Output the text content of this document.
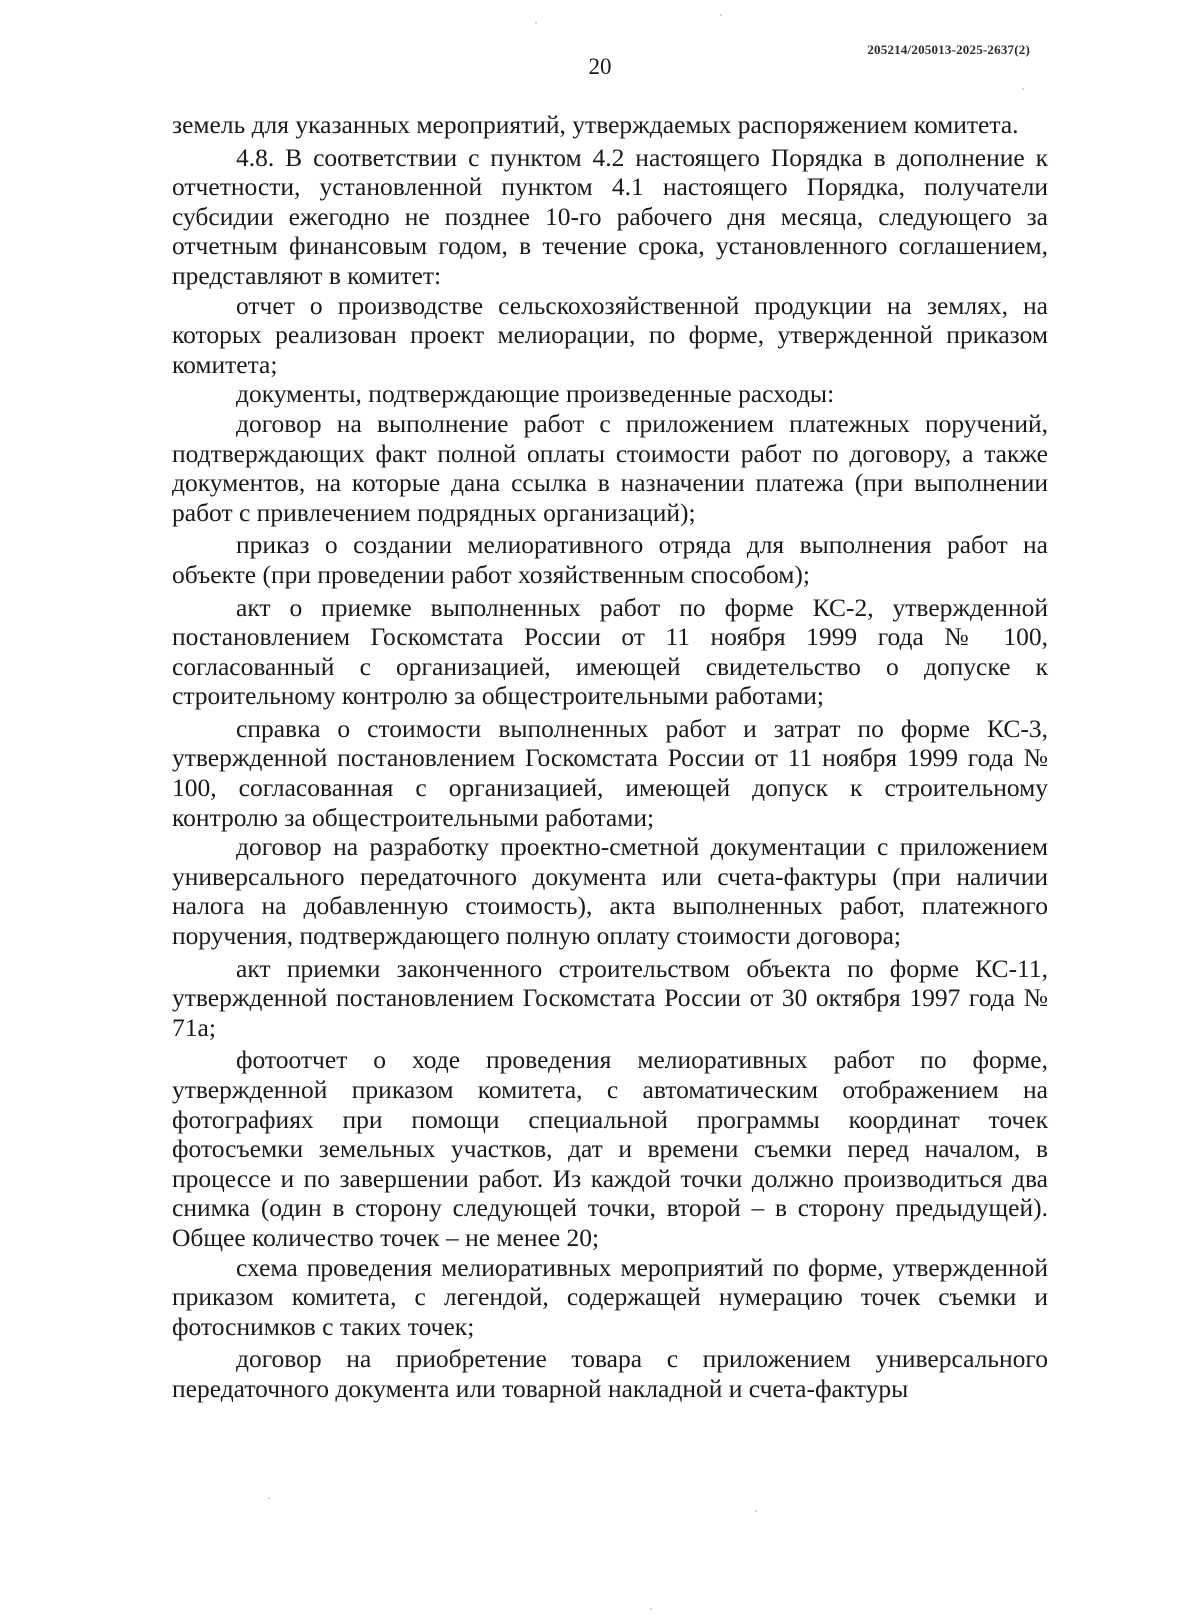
205214/205013-2025-2637(2)
20

земель для указанных мероприятий, утверждаемых распоряжением комитета.

4.8. В соответствии с пунктом 4.2 настоящего Порядка в дополнение к отчетности, установленной пунктом 4.1 настоящего Порядка, получатели субсидии ежегодно не позднее 10-го рабочего дня месяца, следующего за отчетным финансовым годом, в течение срока, установленного соглашением, представляют в комитет:

отчет о производстве сельскохозяйственной продукции на землях, на которых реализован проект мелиорации, по форме, утвержденной приказом комитета;

документы, подтверждающие произведенные расходы:

договор на выполнение работ с приложением платежных поручений, подтверждающих факт полной оплаты стоимости работ по договору, а также документов, на которые дана ссылка в назначении платежа (при выполнении работ с привлечением подрядных организаций);

приказ о создании мелиоративного отряда для выполнения работ на объекте (при проведении работ хозяйственным способом);

акт о приемке выполненных работ по форме КС-2, утвержденной постановлением Госкомстата России от 11 ноября 1999 года № 100, согласованный с организацией, имеющей свидетельство о допуске к строительному контролю за общестроительными работами;

справка о стоимости выполненных работ и затрат по форме КС-3, утвержденной постановлением Госкомстата России от 11 ноября 1999 года № 100, согласованная с организацией, имеющей допуск к строительному контролю за общестроительными работами;

договор на разработку проектно-сметной документации с приложением универсального передаточного документа или счета-фактуры (при наличии налога на добавленную стоимость), акта выполненных работ, платежного поручения, подтверждающего полную оплату стоимости договора;

акт приемки законченного строительством объекта по форме КС-11, утвержденной постановлением Госкомстата России от 30 октября 1997 года № 71а;

фотоотчет о ходе проведения мелиоративных работ по форме, утвержденной приказом комитета, с автоматическим отображением на фотографиях при помощи специальной программы координат точек фотосъемки земельных участков, дат и времени съемки перед началом, в процессе и по завершении работ. Из каждой точки должно производиться два снимка (один в сторону следующей точки, второй – в сторону предыдущей). Общее количество точек – не менее 20;

схема проведения мелиоративных мероприятий по форме, утвержденной приказом комитета, с легендой, содержащей нумерацию точек съемки и фотоснимков с таких точек;

договор на приобретение товара с приложением универсального передаточного документа или товарной накладной и счета-фактуры
